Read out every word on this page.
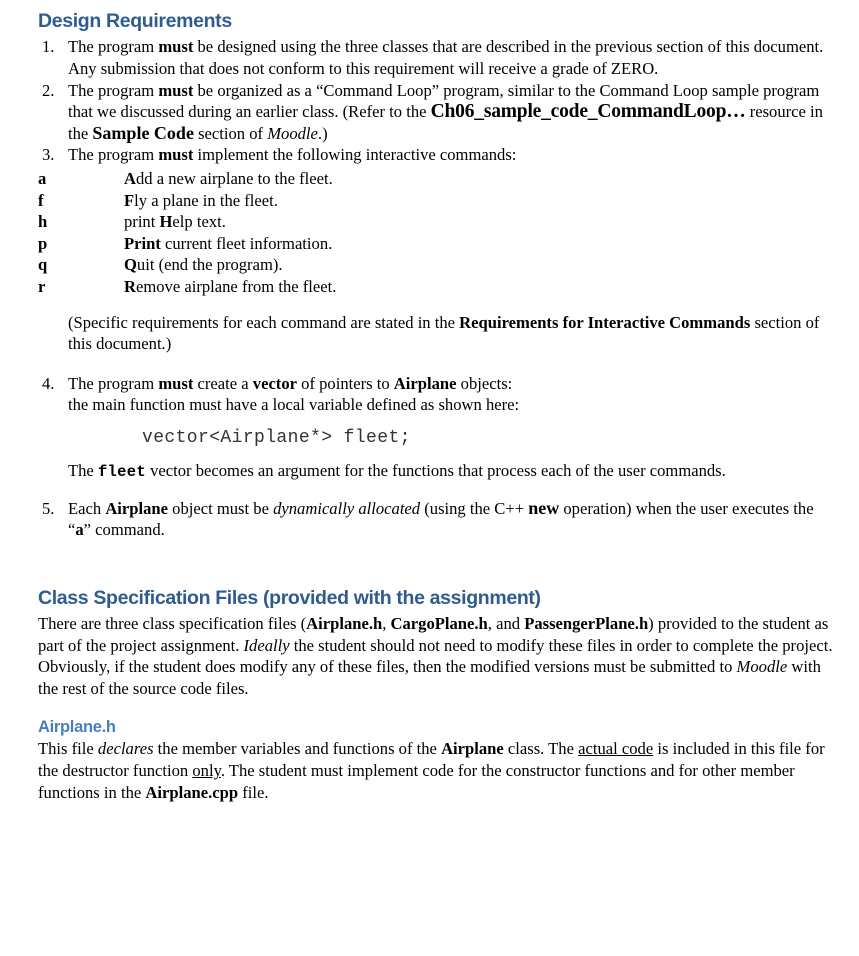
Design Requirements
1. The program must be designed using the three classes that are described in the previous section of this document. Any submission that does not conform to this requirement will receive a grade of ZERO.
2. The program must be organized as a “Command Loop” program, similar to the Command Loop sample program that we discussed during an earlier class. (Refer to the Ch06_sample_code_CommandLoop… resource in the Sample Code section of Moodle.)
3. The program must implement the following interactive commands:
a	Add a new airplane to the fleet.
f	Fly a plane in the fleet.
h	print Help text.
p	Print current fleet information.
q	Quit (end the program).
r	Remove airplane from the fleet.
(Specific requirements for each command are stated in the Requirements for Interactive Commands section of this document.)
4. The program must create a vector of pointers to Airplane objects:
the main function must have a local variable defined as shown here:
vector<Airplane*> fleet;
The fleet vector becomes an argument for the functions that process each of the user commands.
5. Each Airplane object must be dynamically allocated (using the C++ new operation) when the user executes the “a” command.
Class Specification Files (provided with the assignment)

There are three class specification files (Airplane.h, CargoPlane.h, and PassengerPlane.h) provided to the student as part of the project assignment. Ideally the student should not need to modify these files in order to complete the project. Obviously, if the student does modify any of these files, then the modified versions must be submitted to Moodle with the rest of the source code files.

Airplane.h

This file declares the member variables and functions of the Airplane class. The actual code is included in this file for the destructor function only. The student must implement code for the constructor functions and for other member functions in the Airplane.cpp file.
